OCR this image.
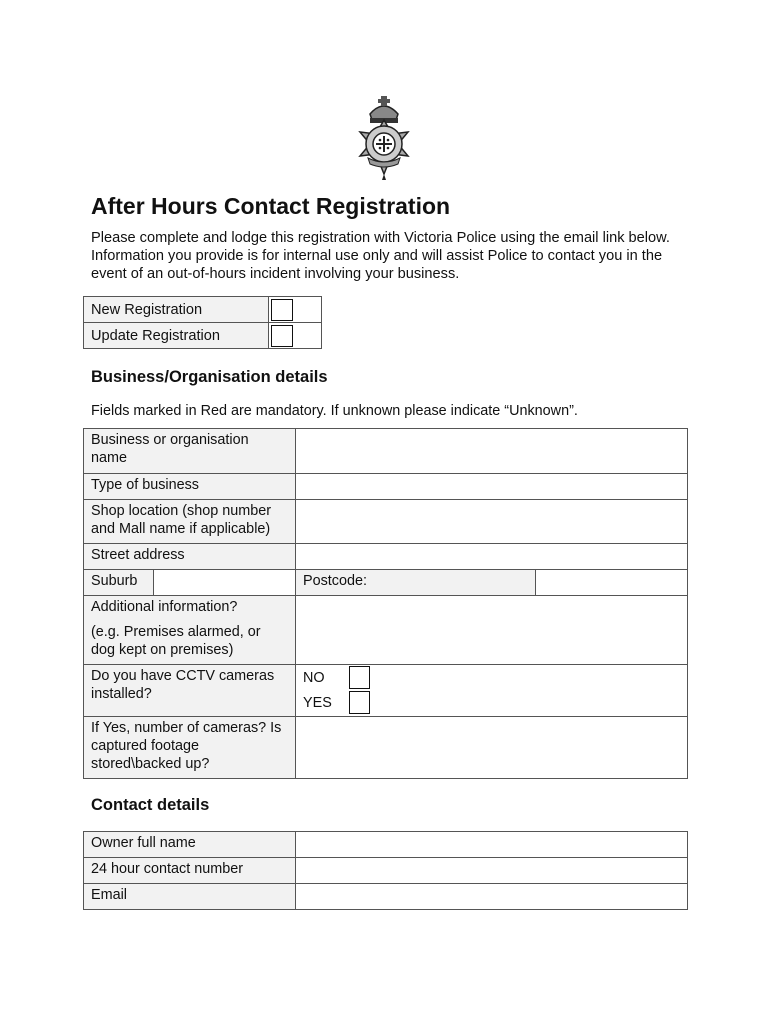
After Hours Contact Registration

Please complete and lodge this registration with Victoria Police using the email link below. Information you provide is for internal use only and will assist Police to contact you in the event of an out-of-hours incident involving your business.

New Registration	

Update Registration	
Business/Organisation details

Fields marked in Red are mandatory. If unknown please indicate “Unknown”.

Business or organisation name			
Type of business			
Shop location (shop number and Mall name if applicable)			
Street address			
Suburb		Postcode:	

Additional information?

(e.g. Premises alarmed, or dog kept on premises)			

Do you have CCTV cameras installed?		NO
YES	

If Yes, number of cameras? Is captured footage stored\backed up?			
Contact details
Owner full name	
24 hour contact number	
Email	
